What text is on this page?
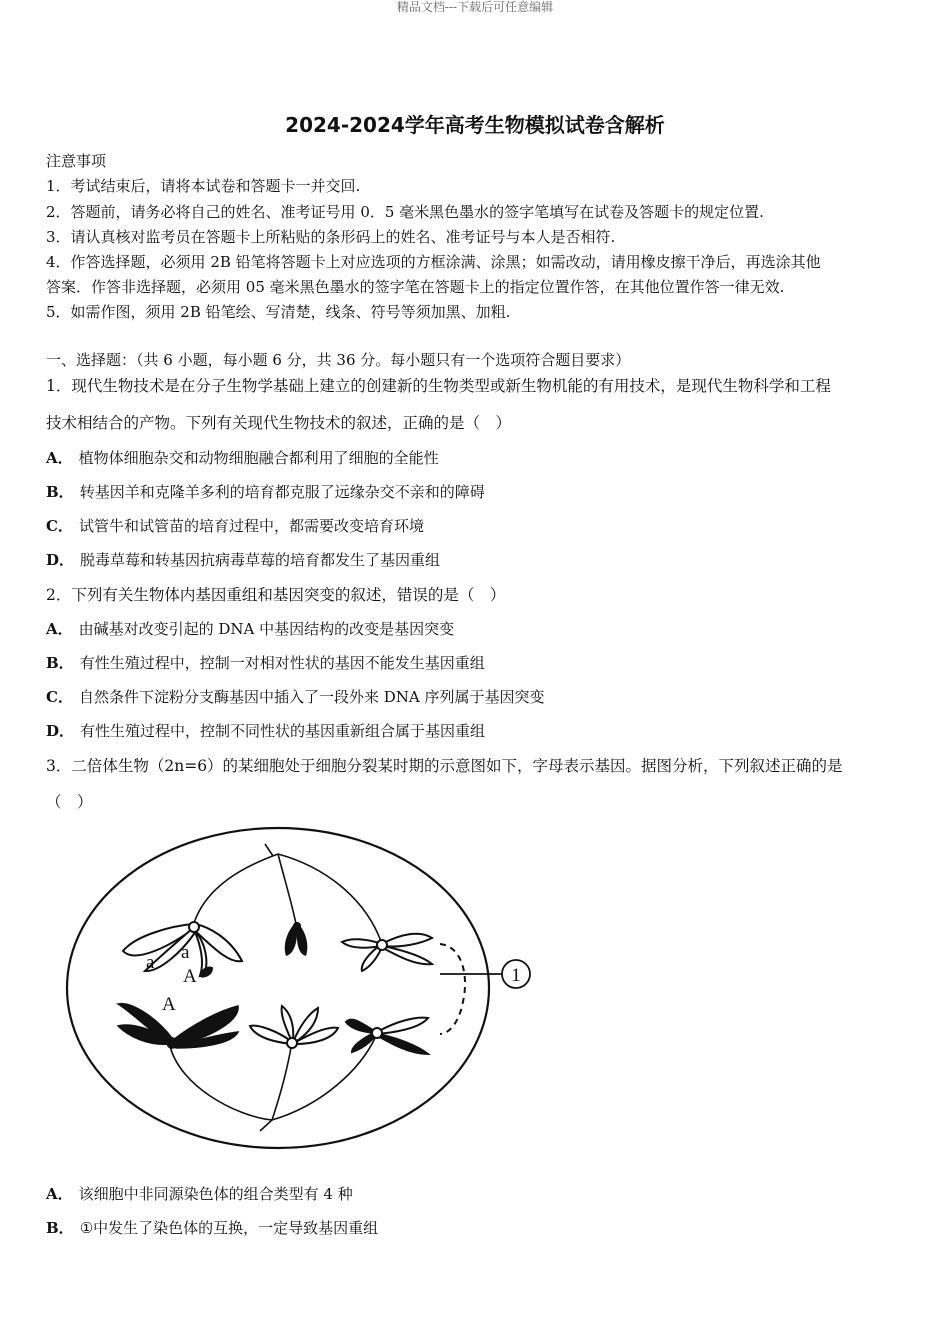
精品文档---下载后可任意编辑
2024-2024学年高考生物模拟试卷含解析
注意事项
1．考试结束后，请将本试卷和答题卡一并交回.
2．答题前，请务必将自己的姓名、准考证号用 0．5 毫米黑色墨水的签字笔填写在试卷及答题卡的规定位置.
3．请认真核对监考员在答题卡上所粘贴的条形码上的姓名、准考证号与本人是否相符.
4．作答选择题，必须用 2B 铅笔将答题卡上对应选项的方框涂满、涂黑；如需改动，请用橡皮擦干净后，再选涂其他
答案．作答非选择题，必须用 05 毫米黑色墨水的签字笔在答题卡上的指定位置作答，在其他位置作答一律无效.
5．如需作图，须用 2B 铅笔绘、写清楚，线条、符号等须加黑、加粗.
一、选择题：（共 6 小题，每小题 6 分，共 36 分。每小题只有一个选项符合题目要求）
1．现代生物技术是在分子生物学基础上建立的创建新的生物类型或新生物机能的有用技术，是现代生物科学和工程
技术相结合的产物。下列有关现代生物技术的叙述，正确的是（　）
A． 植物体细胞杂交和动物细胞融合都利用了细胞的全能性
B． 转基因羊和克隆羊多利的培育都克服了远缘杂交不亲和的障碍
C． 试管牛和试管苗的培育过程中，都需要改变培育环境
D． 脱毒草莓和转基因抗病毒草莓的培育都发生了基因重组
2．下列有关生物体内基因重组和基因突变的叙述，错误的是（　）
A． 由碱基对改变引起的 DNA 中基因结构的改变是基因突变
B． 有性生殖过程中，控制一对相对性状的基因不能发生基因重组
C． 自然条件下淀粉分支酶基因中插入了一段外来 DNA 序列属于基因突变
D． 有性生殖过程中，控制不同性状的基因重新组合属于基因重组
3．二倍体生物（2n=6）的某细胞处于细胞分裂某时期的示意图如下，字母表示基因。据图分析，下列叙述正确的是
（　）
1
a a
A
A
A． 该细胞中非同源染色体的组合类型有 4 种
B． ①中发生了染色体的互换，一定导致基因重组
